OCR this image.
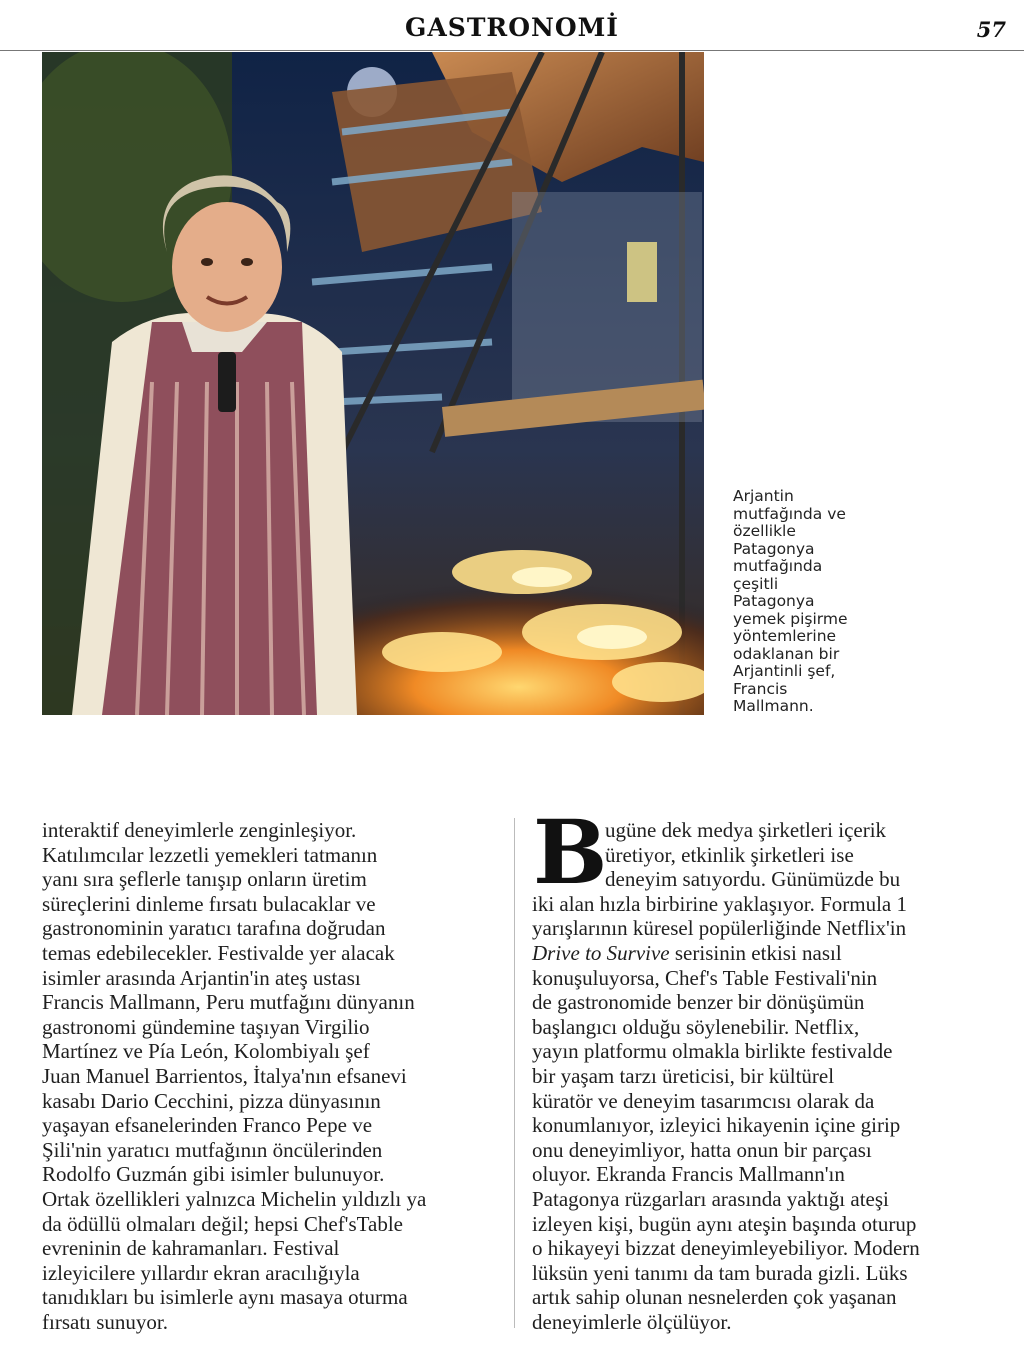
GASTRONOMİ	57
Arjantin
mutfağında ve
özellikle
Patagonya
mutfağında
çeşitli
Patagonya
yemek pişirme
yöntemlerine
odaklanan bir
Arjantinli şef,
Francis
Mallmann.
interaktif deneyimlerle zenginleşiyor.
Katılımcılar lezzetli yemekleri tatmanın
yanı sıra şeflerle tanışıp onların üretim
süreçlerini dinleme fırsatı bulacaklar ve
gastronominin yaratıcı tarafına doğrudan
temas edebilecekler. Festivalde yer alacak
isimler arasında Arjantin'in ateş ustası
Francis Mallmann, Peru mutfağını dünyanın
gastronomi gündemine taşıyan Virgilio
Martínez ve Pía León, Kolombiyalı şef
Juan Manuel Barrientos, İtalya'nın efsanevi
kasabı Dario Cecchini, pizza dünyasının
yaşayan efsanelerinden Franco Pepe ve
Şili'nin yaratıcı mutfağının öncülerinden
Rodolfo Guzmán gibi isimler bulunuyor.
Ortak özellikleri yalnızca Michelin yıldızlı ya
da ödüllü olmaları değil; hepsi Chef'sTable
evreninin de kahramanları. Festival
izleyicilere yıllardır ekran aracılığıyla
tanıdıkları bu isimlerle aynı masaya oturma
fırsatı sunuyor.
B
ugüne dek medya şirketleri içerik
üretiyor, etkinlik şirketleri ise
deneyim satıyordu. Günümüzde bu
iki alan hızla birbirine yaklaşıyor. Formula 1
yarışlarının küresel popülerliğinde Netflix'in
Drive to Survive serisinin etkisi nasıl
konuşuluyorsa, Chef's Table Festivali'nin
de gastronomide benzer bir dönüşümün
başlangıcı olduğu söylenebilir. Netflix,
yayın platformu olmakla birlikte festivalde
bir yaşam tarzı üreticisi, bir kültürel
küratör ve deneyim tasarımcısı olarak da
konumlanıyor, izleyici hikayenin içine girip
onu deneyimliyor, hatta onun bir parçası
oluyor. Ekranda Francis Mallmann'ın
Patagonya rüzgarları arasında yaktığı ateşi
izleyen kişi, bugün aynı ateşin başında oturup
o hikayeyi bizzat deneyimleyebiliyor. Modern
lüksün yeni tanımı da tam burada gizli. Lüks
artık sahip olunan nesnelerden çok yaşanan
deneyimlerle ölçülüyor.
